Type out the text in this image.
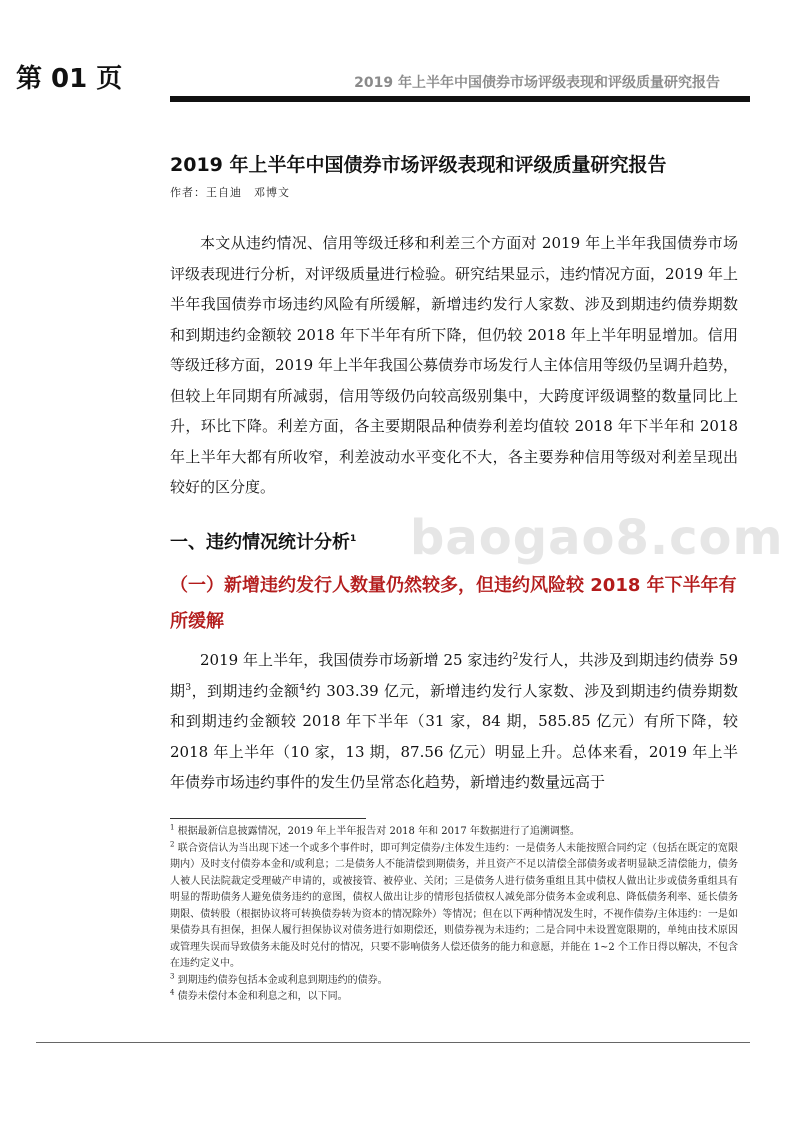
第 01 页	2019 年上半年中国债券市场评级表现和评级质量研究报告
baogao8.com
2019 年上半年中国债券市场评级表现和评级质量研究报告
作者：王自迪 邓博文

本文从违约情况、信用等级迁移和利差三个方面对 2019 年上半年我国债券市场评级表现进行分析，对评级质量进行检验。研究结果显示，违约情况方面，2019 年上半年我国债券市场违约风险有所缓解，新增违约发行人家数、涉及到期违约债券期数和到期违约金额较 2018 年下半年有所下降，但仍较 2018 年上半年明显增加。信用等级迁移方面，2019 年上半年我国公募债券市场发行人主体信用等级仍呈调升趋势，但较上年同期有所减弱，信用等级仍向较高级别集中，大跨度评级调整的数量同比上升，环比下降。利差方面，各主要期限品种债券利差均值较 2018 年下半年和 2018 年上半年大都有所收窄，利差波动水平变化不大，各主要券种信用等级对利差呈现出较好的区分度。

一、违约情况统计分析$^1$

（一）新增违约发行人数量仍然较多，但违约风险较 2018 年下半年有所缓解

2019 年上半年，我国债券市场新增 25 家违约$^2$发行人，共涉及到期违约债券 59 期$^3$，到期违约金额$^4$约 303.39 亿元，新增违约发行人家数、涉及到期违约债券期数和到期违约金额较 2018 年下半年（31 家，84 期，585.85 亿元）有所下降，较 2018 年上半年（10 家，13 期，87.56 亿元）明显上升。总体来看，2019 年上半年债券市场违约事件的发生仍呈常态化趋势，新增违约数量远高于

$^1$ 根据最新信息披露情况，2019 年上半年报告对 2018 年和 2017 年数据进行了追溯调整。
$^2$ 联合资信认为当出现下述一个或多个事件时，即可判定债券/主体发生违约：一是债务人未能按照合同约定（包括在既定的宽限期内）及时支付债券本金和/或利息；二是债务人不能清偿到期债务，并且资产不足以清偿全部债务或者明显缺乏清偿能力，债务人被人民法院裁定受理破产申请的，或被接管、被停业、关闭；三是债务人进行债务重组且其中债权人做出让步或债务重组具有明显的帮助债务人避免债务违约的意图，债权人做出让步的情形包括债权人减免部分债务本金或利息、降低债务利率、延长债务期限、债转股（根据协议将可转换债券转为资本的情况除外）等情况；但在以下两种情况发生时，不视作债券/主体违约：一是如果债券具有担保，担保人履行担保协议对债务进行如期偿还，则债券视为未违约；二是合同中未设置宽限期的，单纯由技术原因或管理失误而导致债务未能及时兑付的情况，只要不影响债务人偿还债务的能力和意愿，并能在 1~2 个工作日得以解决，不包含在违约定义中。
$^3$ 到期违约债券包括本金或利息到期违约的债券。
$^4$ 债券未偿付本金和利息之和，以下同。
